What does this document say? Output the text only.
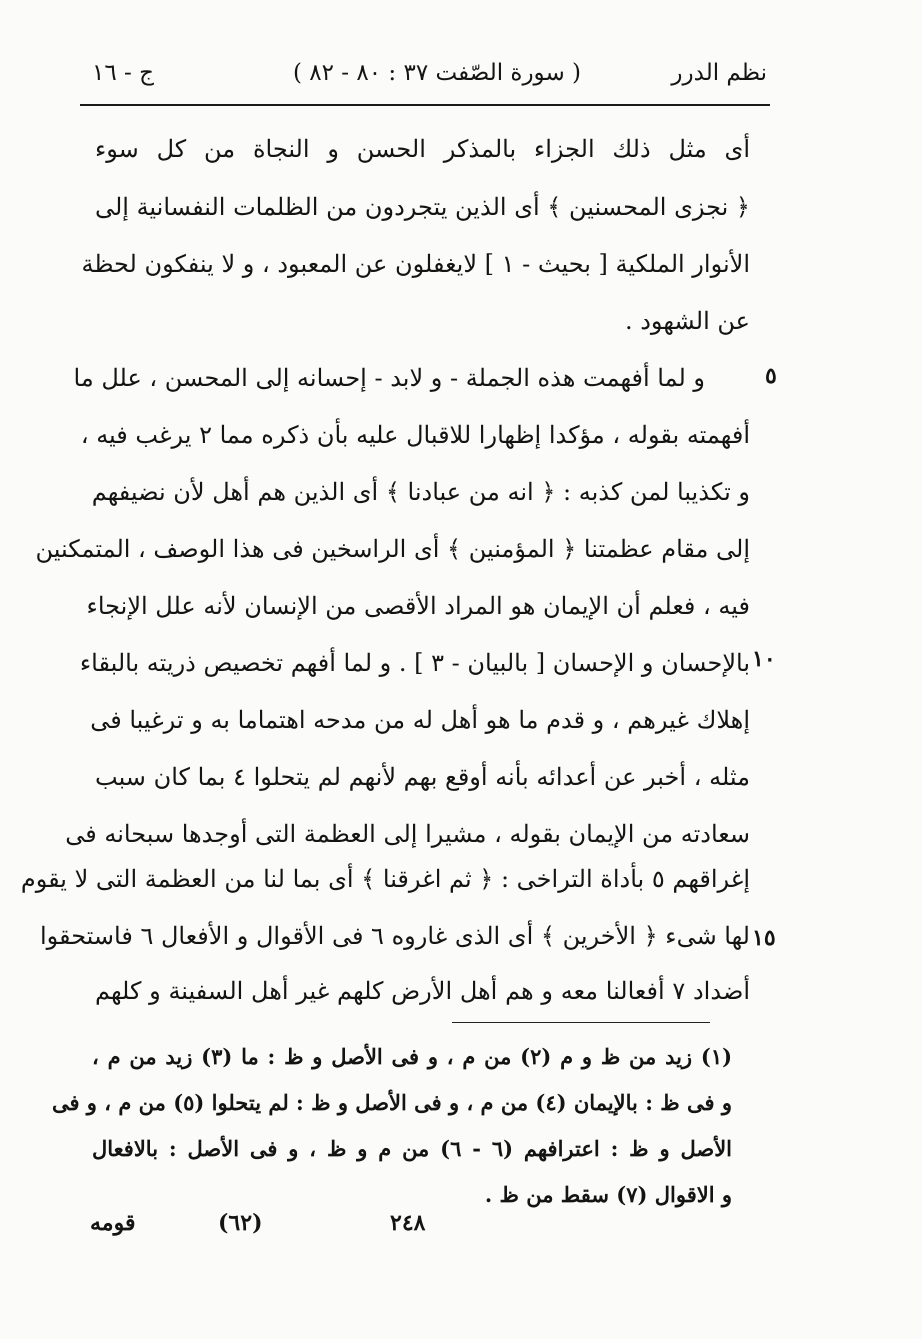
نظم الدرر
( سورة الصّفت ٣٧ : ٨٠ - ٨٢ )
ج - ١٦
أى مثل ذلك الجزاء بالمذكر الحسن و النجاة من كل سوء
﴿ نجزى المحسنين ﴾ أى الذين يتجردون من الظلمات النفسانية إلى
الأنوار الملكية [ بحيث - ١ ] لايغفلون عن المعبود ، و لا ينفكون لحظة
عن الشهود .
و لما أفهمت هذه الجملة - و لابد - إحسانه إلى المحسن ، علل ما
أفهمته بقوله ، مؤكدا إظهارا للاقبال عليه بأن ذكره مما ٢ يرغب فيه ،
و تكذيبا لمن كذبه : ﴿ انه من عبادنا ﴾ أى الذين هم أهل لأن نضيفهم
إلى مقام عظمتنا ﴿ المؤمنين ﴾ أى الراسخين فى هذا الوصف ، المتمكنين
فيه ، فعلم أن الإيمان هو المراد الأقصى من الإنسان لأنه علل الإنجاء
بالإحسان و الإحسان [ بالبيان - ٣ ] . و لما أفهم تخصيص ذريته بالبقاء
إهلاك غيرهم ، و قدم ما هو أهل له من مدحه اهتماما به و ترغيبا فى
مثله ، أخبر عن أعدائه بأنه أوقع بهم لأنهم لم يتحلوا ٤ بما كان سبب
سعادته من الإيمان بقوله ، مشيرا إلى العظمة التى أوجدها سبحانه فى
إغراقهم ٥ بأداة التراخى : ﴿ ثم اغرقنا ﴾ أى بما لنا من العظمة التى لا يقوم
لها شىء ﴿ الأخرين ﴾ أى الذى غاروه ٦ فى الأقوال و الأفعال ٦ فاستحقوا
أضداد ٧ أفعالنا معه و هم أهل الأرض كلهم غير أهل السفينة و كلهم
٥
١٠
١٥
(١) زيد من ظ و م (٢) من م ، و فى الأصل و ظ : ما (٣) زيد من م ،
و فى ظ : بالإيمان (٤) من م ، و فى الأصل و ظ : لم يتحلوا (٥) من م ، و فى
الأصل و ظ : اعترافهم (٦ - ٦) من م و ظ ، و فى الأصل : بالافعال
و الاقوال (٧) سقط من ظ .
قومه	(٦٢)	٢٤٨
